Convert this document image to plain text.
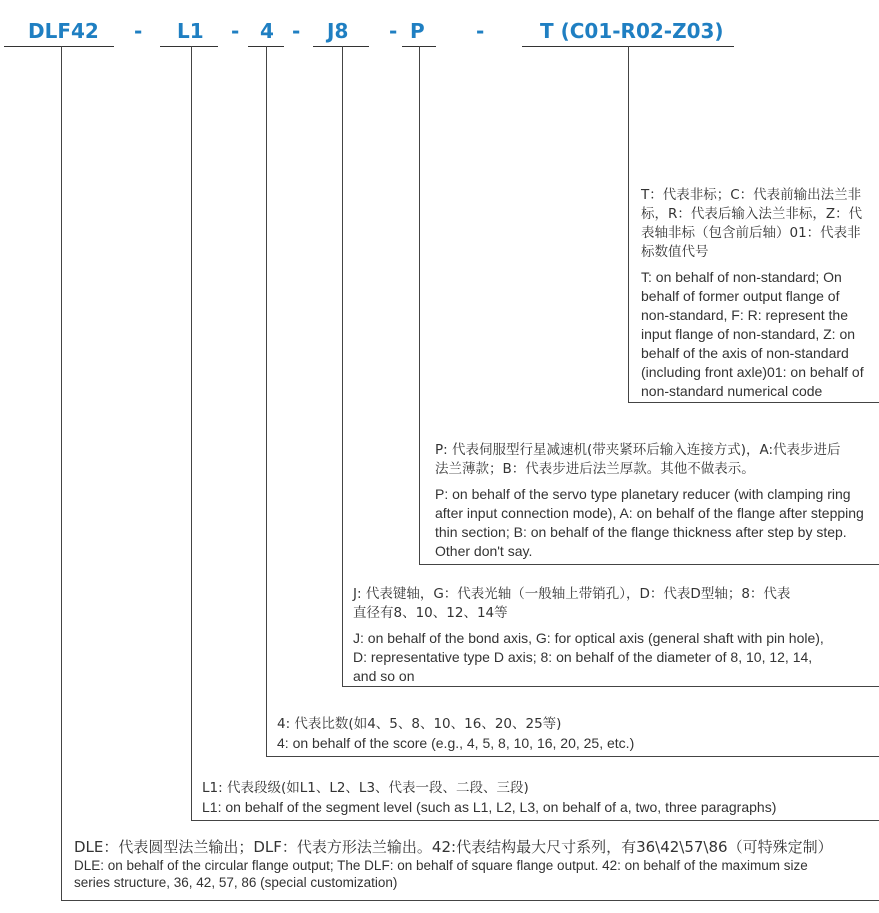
DLF42 - L1 - 4 - J8 - P	-	T (C01-R02-Z03)
T：代表非标；C：代表前输出法兰非
标，R：代表后输入法兰非标，Z：代
表轴非标（包含前后轴）01：代表非
标数值代号
T: on behalf of non-standard; On
behalf of former output flange of
non-standard, F: R: represent the
input flange of non-standard, Z: on
behalf of the axis of non-standard
(including front axle)01: on behalf of
non-standard numerical code
P: 代表伺服型行星减速机(带夹紧环后输入连接方式)，A:代表步进后
法兰薄款；B：代表步进后法兰厚款。其他不做表示。
P: on behalf of the servo type planetary reducer (with clamping ring
after input connection mode), A: on behalf of the flange after stepping
thin section; B: on behalf of the flange thickness after step by step.
Other don't say.
J: 代表键轴，G：代表光轴（一般轴上带销孔），D：代表D型轴；8：代表
直径有8、10、12、14等
J: on behalf of the bond axis, G: for optical axis (general shaft with pin hole),
D: representative type D axis; 8: on behalf of the diameter of 8, 10, 12, 14,
and so on
4: 代表比数(如4、5、8、10、16、20、25等)
4: on behalf of the score (e.g., 4, 5, 8, 10, 16, 20, 25, etc.)
L1: 代表段级(如L1、L2、L3、代表一段、二段、三段)
L1: on behalf of the segment level (such as L1, L2, L3, on behalf of a, two, three paragraphs)
DLE：代表圆型法兰输出；DLF：代表方形法兰输出。42:代表结构最大尺寸系列，有36\42\57\86（可特殊定制）
DLE: on behalf of the circular flange output; The DLF: on behalf of square flange output. 42: on behalf of the maximum size
series structure, 36, 42, 57, 86 (special customization)
